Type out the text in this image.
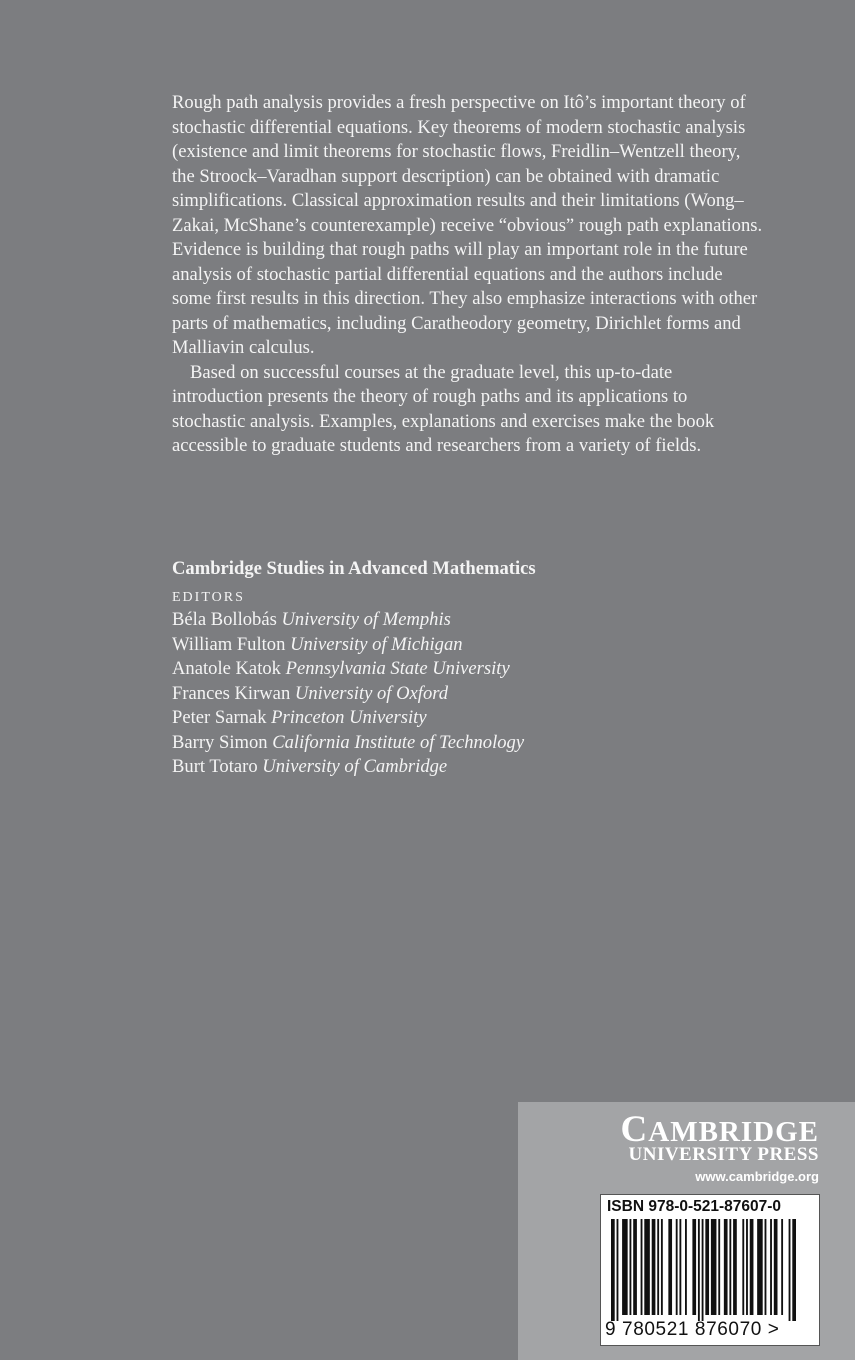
Rough path analysis provides a fresh perspective on Itô’s important theory of stochastic differential equations. Key theorems of modern stochastic analysis (existence and limit theorems for stochastic flows, Freidlin–Wentzell theory, the Stroock–Varadhan support description) can be obtained with dramatic simplifications. Classical approximation results and their limitations (Wong–Zakai, McShane’s counterexample) receive “obvious” rough path explanations. Evidence is building that rough paths will play an important role in the future analysis of stochastic partial differential equations and the authors include some first results in this direction. They also emphasize interactions with other parts of mathematics, including Caratheodory geometry, Dirichlet forms and Malliavin calculus.

Based on successful courses at the graduate level, this up-to-date introduction presents the theory of rough paths and its applications to stochastic analysis. Examples, explanations and exercises make the book accessible to graduate students and researchers from a variety of fields.

Cambridge Studies in Advanced Mathematics
EDITORS
Béla Bollobás University of Memphis
William Fulton University of Michigan
Anatole Katok Pennsylvania State University
Frances Kirwan University of Oxford
Peter Sarnak Princeton University
Barry Simon California Institute of Technology
Burt Totaro University of Cambridge
CAMBRIDGE
UNIVERSITY PRESS
www.cambridge.org
ISBN 978-0-521-87607-0
9 780521 876070 >
